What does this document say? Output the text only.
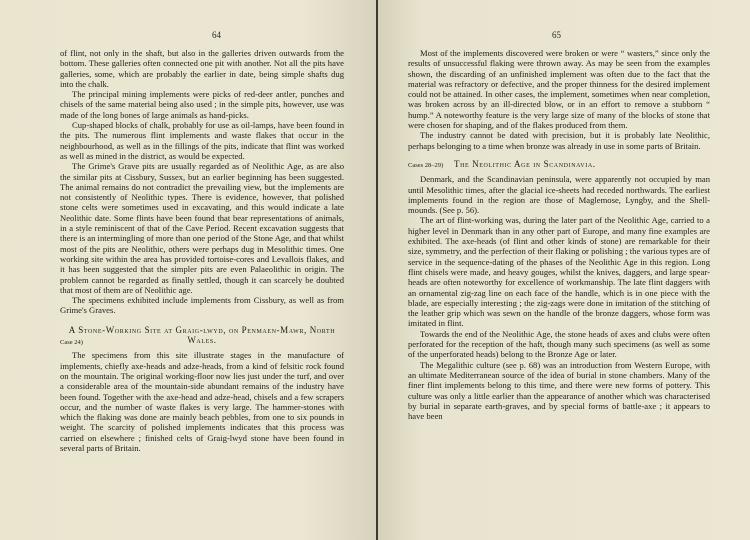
64

of flint, not only in the shaft, but also in the galleries driven outwards from the bottom. These galleries often connected one pit with another. Not all the pits have galleries, some, which are probably the earlier in date, being simple shafts dug into the chalk.

The principal mining implements were picks of red-deer antler, punches and chisels of the same material being also used ; in the simple pits, however, use was made of the long bones of large animals as hand-picks.

Cup-shaped blocks of chalk, probably for use as oil-lamps, have been found in the pits. The numerous flint implements and waste flakes that occur in the neighbourhood, as well as in the fillings of the pits, indicate that flint was worked as well as mined in the district, as would be expected.

The Grime's Grave pits are usually regarded as of Neolithic Age, as are also the similar pits at Cissbury, Sussex, but an earlier beginning has been suggested. The animal remains do not contradict the prevailing view, but the implements are not consistently of Neolithic types. There is evidence, however, that polished stone celts were sometimes used in excavating, and this would indicate a late Neolithic date. Some flints have been found that bear representations of animals, in a style reminiscent of that of the Cave Period. Recent excavation suggests that there is an intermingling of more than one period of the Stone Age, and that whilst most of the pits are Neolithic, others were perhaps dug in Mesolithic times. One working site within the area has provided tortoise-cores and Levallois flakes, and it has been suggested that the simpler pits are even Palaeolithic in origin. The problem cannot be regarded as finally settled, though it can scarcely be doubted that most of them are of Neolithic age.

The specimens exhibited include implements from Cissbury, as well as from Grime's Graves.

A Stone-Working Site at Graig-lwyd, on Penmaen-Mawr, North Wales.
Case 24)

The specimens from this site illustrate stages in the manufacture of implements, chiefly axe-heads and adze-heads, from a kind of felsitic rock found on the mountain. The original working-floor now lies just under the turf, and over a considerable area of the mountain-side abundant remains of the industry have been found. Together with the axe-head and adze-head, chisels and a few scrapers occur, and the number of waste flakes is very large. The hammer-stones with which the flaking was done are mainly beach pebbles, from one to six pounds in weight. The scarcity of polished implements indicates that this process was carried on elsewhere ; finished celts of Graig-lwyd stone have been found in several parts of Britain.

65

Most of the implements discovered were broken or were “ wasters,” since only the results of unsuccessful flaking were thrown away. As may be seen from the examples shown, the discarding of an unfinished implement was often due to the fact that the material was refractory or defective, and the proper thinness for the desired implement could not be attained. In other cases, the implement, sometimes when near completion, was broken across by an ill-directed blow, or in an effort to remove a stubborn “ hump.” A noteworthy feature is the very large size of many of the blocks of stone that were chosen for shaping, and of the flakes produced from them.

The industry cannot be dated with precision, but it is probably late Neolithic, perhaps belonging to a time when bronze was already in use in some parts of Britain.

Cases 28–29)	The Neolithic Age in Scandinavia.

Denmark, and the Scandinavian peninsula, were apparently not occupied by man until Mesolithic times, after the glacial ice-sheets had receded northwards. The earliest implements found in the region are those of Maglemose, Lyngby, and the Shell-mounds. (See p. 56).

The art of flint-working was, during the later part of the Neolithic Age, carried to a higher level in Denmark than in any other part of Europe, and many fine examples are exhibited. The axe-heads (of flint and other kinds of stone) are remarkable for their size, symmetry, and the perfection of their flaking or polishing ; the various types are of service in the sequence-dating of the phases of the Neolithic Age in this region. Long flint chisels were made, and heavy gouges, whilst the knives, daggers, and large spear-heads are often noteworthy for excellence of workmanship. The late flint daggers with an ornamental zig-zag line on each face of the handle, which is in one piece with the blade, are especially interesting ; the zig-zags were done in imitation of the stitching of the leather grip which was sewn on the handle of the bronze daggers, whose form was imitated in flint.

Towards the end of the Neolithic Age, the stone heads of axes and clubs were often perforated for the reception of the haft, though many such specimens (as well as some of the unperforated heads) belong to the Bronze Age or later.

The Megalithic culture (see p. 68) was an introduction from Western Europe, with an ultimate Mediterranean source of the idea of burial in stone chambers. Many of the finer flint implements belong to this time, and there were new forms of pottery. This culture was only a little earlier than the appearance of another which was characterised by burial in separate earth-graves, and by special forms of battle-axe ; it appears to have been
